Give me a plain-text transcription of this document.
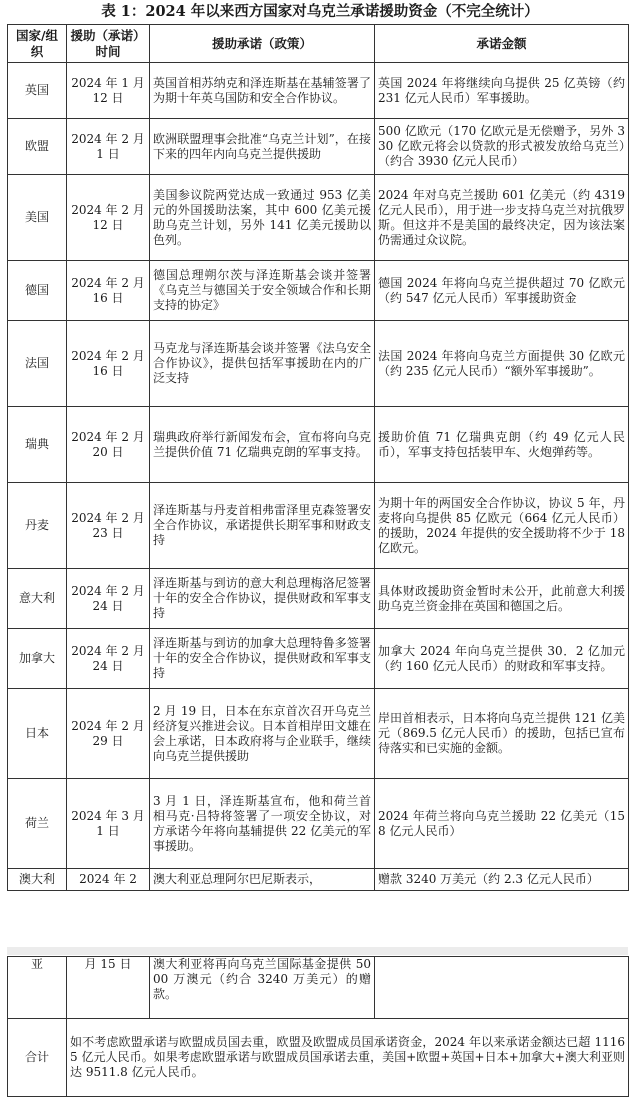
表 1：2024 年以来西方国家对乌克兰承诺援助资金（不完全统计）
国家/组织	援助（承诺）时间	援助承诺（政策）	承诺金额
英国	2024 年 1 月 12 日	英国首相苏纳克和泽连斯基在基辅签署了为期十年英乌国防和安全合作协议。	英国 2024 年将继续向乌提供 25 亿英镑（约 231 亿元人民币）军事援助。
欧盟	2024 年 2 月 1 日	欧洲联盟理事会批准“乌克兰计划”，在接下来的四年内向乌克兰提供援助	500 亿欧元（170 亿欧元是无偿赠予，另外 330 亿欧元将会以贷款的形式被发放给乌克兰）（约合 3930 亿元人民币）
美国	2024 年 2 月 12 日	美国参议院两党达成一致通过 953 亿美元的外国援助法案，其中 600 亿美元援助乌克兰计划，另外 141 亿美元援助以色列。	2024 年对乌克兰援助 601 亿美元（约 4319 亿元人民币），用于进一步支持乌克兰对抗俄罗斯。但这并不是美国的最终决定，因为该法案仍需通过众议院。
德国	2024 年 2 月 16 日	德国总理朔尔茨与泽连斯基会谈并签署《乌克兰与德国关于安全领域合作和长期支持的协定》	德国 2024 年将向乌克兰提供超过 70 亿欧元（约 547 亿元人民币）军事援助资金
法国	2024 年 2 月 16 日	马克龙与泽连斯基会谈并签署《法乌安全合作协议》，提供包括军事援助在内的广泛支持	法国 2024 年将向乌克兰方面提供 30 亿欧元（约 235 亿元人民币）“额外军事援助”。
瑞典	2024 年 2 月 20 日	瑞典政府举行新闻发布会，宣布将向乌克兰提供价值 71 亿瑞典克朗的军事支持。	援助价值 71 亿瑞典克朗（约 49 亿元人民币），军事支持包括装甲车、火炮弹药等。
丹麦	2024 年 2 月 23 日	泽连斯基与丹麦首相弗雷泽里克森签署安全合作协议，承诺提供长期军事和财政支持	为期十年的两国安全合作协议，协议 5 年，丹麦将向乌提供 85 亿欧元（664 亿元人民币）的援助，2024 年提供的安全援助将不少于 18 亿欧元。
意大利	2024 年 2 月 24 日	泽连斯基与到访的意大利总理梅洛尼签署十年的安全合作协议，提供财政和军事支持	具体财政援助资金暂时未公开，此前意大利援助乌克兰资金排在英国和德国之后。
加拿大	2024 年 2 月 24 日	泽连斯基与到访的加拿大总理特鲁多签署十年的安全合作协议，提供财政和军事支持	加拿大 2024 年向乌克兰提供 30．2 亿加元（约 160 亿元人民币）的财政和军事支持。
日本	2024 年 2 月 29 日	2 月 19 日，日本在东京首次召开乌克兰经济复兴推进会议。日本首相岸田文雄在会上承诺，日本政府将与企业联手，继续向乌克兰提供援助	岸田首相表示，日本将向乌克兰提供 121 亿美元（869.5 亿元人民币）的援助，包括已宣布待落实和已实施的金额。
荷兰	2024 年 3 月 1 日	3 月 1 日，泽连斯基宣布，他和荷兰首相马克·吕特将签署了一项安全协议，对方承诺今年将向基辅提供 22 亿美元的军事援助。	2024 年荷兰将向乌克兰援助 22 亿美元（158 亿元人民币）
澳大利	2024 年 2	澳大利亚总理阿尔巴尼斯表示，	赠款 3240 万美元（约 2.3 亿元人民币）
亚	月 15 日	澳大利亚将再向乌克兰国际基金提供 5000 万澳元（约合 3240 万美元）的赠款。	
合计	如不考虑欧盟承诺与欧盟成员国去重，欧盟及欧盟成员国承诺资金，2024 年以来承诺金额达已超 11165 亿元人民币。如果考虑欧盟承诺与欧盟成员国承诺去重，美国+欧盟+英国+日本+加拿大+澳大利亚则达 9511.8 亿元人民币。		
